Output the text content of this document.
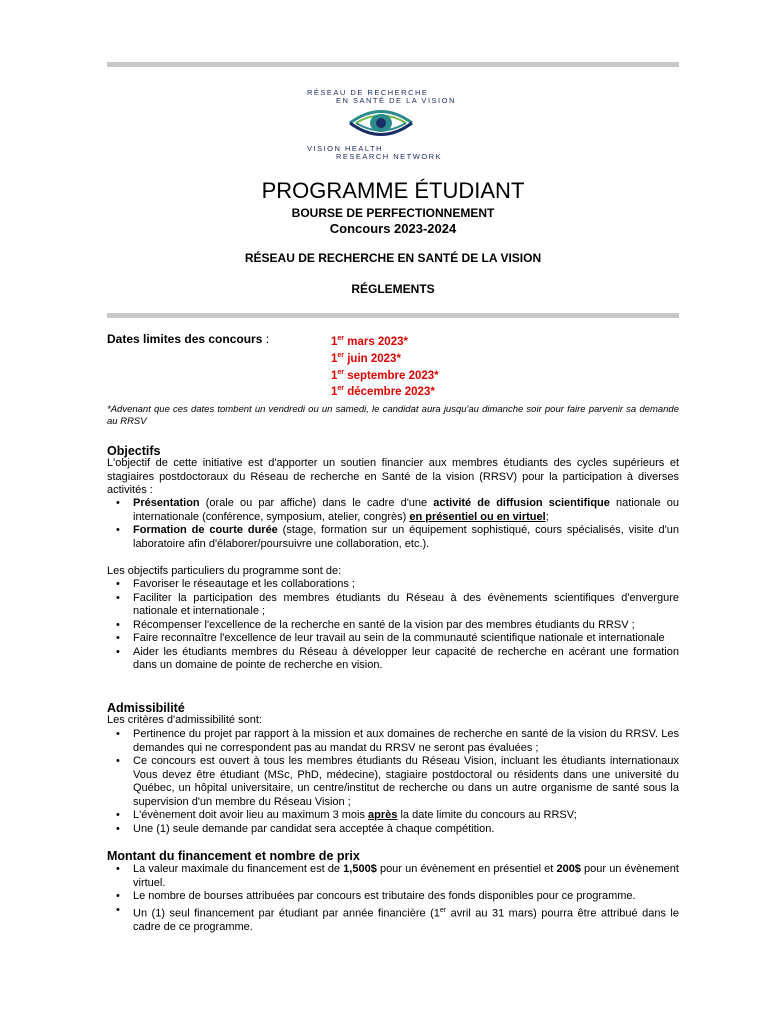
RÉSEAU DE RECHERCHE
EN SANTÉ DE LA VISION
VISION HEALTH
RESEARCH NETWORK
PROGRAMME ÉTUDIANT
BOURSE DE PERFECTIONNEMENT
Concours 2023-2024
RÉSEAU DE RECHERCHE EN SANTÉ DE LA VISION
RÉGLEMENTS
Dates limites des concours :	1er mars 2023*
1er juin 2023*
1er septembre 2023*
1er décembre 2023*
*Advenant que ces dates tombent un vendredi ou un samedi, le candidat aura jusqu'au dimanche soir pour faire parvenir sa demande au RRSV
Objectifs
L'objectif de cette initiative est d'apporter un soutien financier aux membres étudiants des cycles supérieurs et stagiaires postdoctoraux du Réseau de recherche en Santé de la vision (RRSV) pour la participation à diverses activités :
• Présentation (orale ou par affiche) dans le cadre d'une activité de diffusion scientifique nationale ou internationale (conférence, symposium, atelier, congrès) en présentiel ou en virtuel;
• Formation de courte durée (stage, formation sur un équipement sophistiqué, cours spécialisés, visite d'un laboratoire afin d'élaborer/poursuivre une collaboration, etc.).
Les objectifs particuliers du programme sont de:
• Favoriser le réseautage et les collaborations ;
• Faciliter la participation des membres étudiants du Réseau à des évènements scientifiques d'envergure nationale et internationale ;
• Récompenser l'excellence de la recherche en santé de la vision par des membres étudiants du RRSV ;
• Faire reconnaître l'excellence de leur travail au sein de la communauté scientifique nationale et internationale
• Aider les étudiants membres du Réseau à développer leur capacité de recherche en acérant une formation dans un domaine de pointe de recherche en vision.
Admissibilité
Les critères d'admissibilité sont:
• Pertinence du projet par rapport à la mission et aux domaines de recherche en santé de la vision du RRSV. Les demandes qui ne correspondent pas au mandat du RRSV ne seront pas évaluées ;
• Ce concours est ouvert à tous les membres étudiants du Réseau Vision, incluant les étudiants internationaux Vous devez être étudiant (MSc, PhD, médecine), stagiaire postdoctoral ou résidents dans une université du Québec, un hôpital universitaire, un centre/institut de recherche ou dans un autre organisme de santé sous la supervision d'un membre du Réseau Vision ;
• L'évènement doit avoir lieu au maximum 3 mois après la date limite du concours au RRSV;
• Une (1) seule demande par candidat sera acceptée à chaque compétition.
Montant du financement et nombre de prix
• La valeur maximale du financement est de 1,500$ pour un évènement en présentiel et 200$ pour un évènement virtuel.
• Le nombre de bourses attribuées par concours est tributaire des fonds disponibles pour ce programme.
• Un (1) seul financement par étudiant par année financière (1er avril au 31 mars) pourra être attribué dans le cadre de ce programme.
